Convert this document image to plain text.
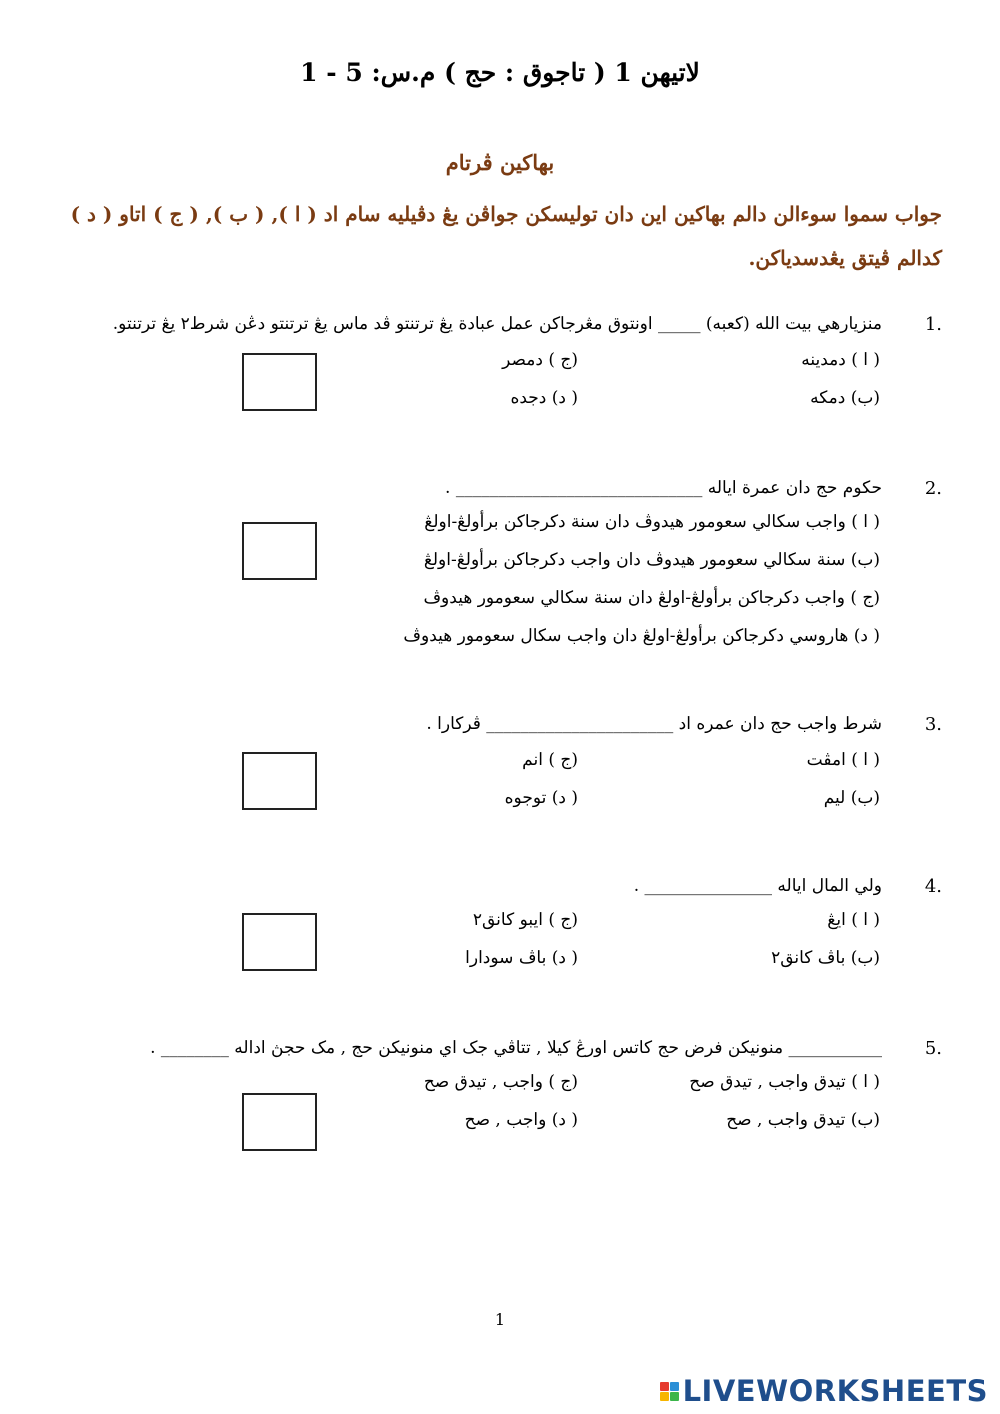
لاتيهن 1 ( تاجوق : حج ) م.س: 5 - 1
بهاكين ڤرتام
جواب سموا سوءالن دالم بهاكين اين دان توليسكن جواڤن يڠ دڤيليه سام اد ( ا ), ( ب ), ( ج ) اتاو ( د ) كدالم ڤيتق يڠدسدياكن.
1.
منزيارهي بيت الله (كعبه) _____ اونتوق مڠرجاكن عمل عبادة يڠ ترتنتو ڤد ماس يڠ ترتنتو دڠن شرط٢ يڠ ترتنتو.
( ا ) دمدينه
(ب) دمكه
(ج ) دمصر
( د) دجده
2.
حكوم حج دان عمرة اياله _____________________________ .
( ا ) واجب سكالي سعومور هيدوڤ دان سنة دكرجاكن برأولڠ-اولڠ
(ب) سنة سكالي سعومور هيدوڤ دان واجب دكرجاكن برأولڠ-اولڠ
(ج ) واجب دكرجاكن برأولڠ-اولڠ دان سنة سكالي سعومور هيدوڤ
( د) هاروسي دكرجاكن برأولڠ-اولڠ دان واجب سكال سعومور هيدوڤ
3.
شرط واجب حج دان عمره اد ______________________ ڤركارا .
( ا ) امڤت
(ب) ليم
(ج ) انم
( د) توجوه
4.
ولي المال اياله _______________ .
( ا ) ايڠ
(ب) باڤ كانق٢
(ج ) ايبو كانق٢
( د) باڤ سودارا
5.
___________ منونيكن فرض حج كاتس اورڠ كيلا , تتاڤي جک اي منونيكن حج , مک حجڽ اداله ________ .
( ا ) تيدق واجب , تيدق صح
(ب) تيدق واجب , صح
(ج ) واجب , تيدق صح
( د) واجب , صح
1
LIVEWORKSHEETS
